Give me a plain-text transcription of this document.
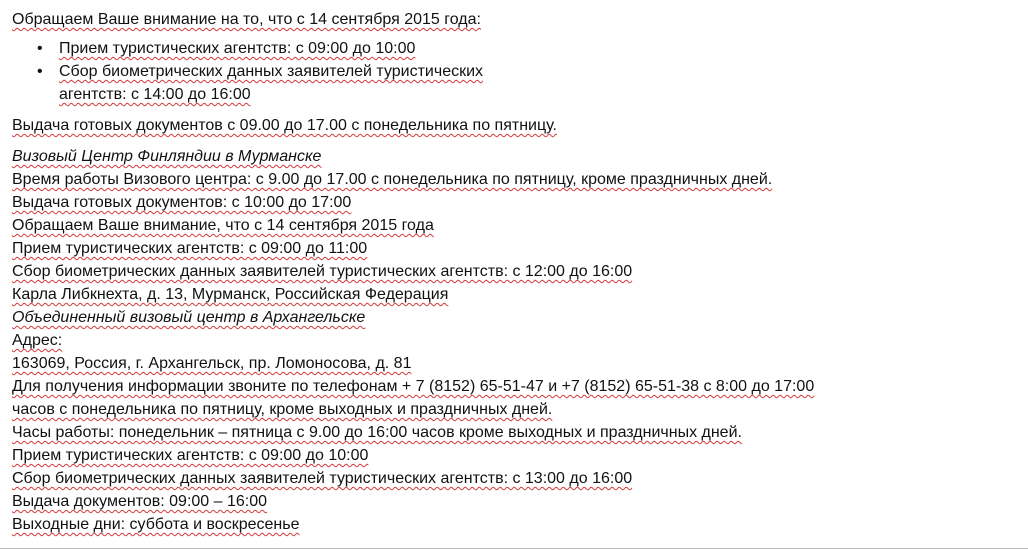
Обращаем Ваше внимание на то, что с 14 сентября 2015 года:
• Прием туристических агентств: с 09:00 до 10:00
• Сбор биометрических данных заявителей туристических
агентств: с 14:00 до 16:00
Выдача готовых документов с 09.00 до 17.00 с понедельника по пятницу.
Визовый Центр Финляндии в Мурманске
Время работы Визового центра: с 9.00 до 17.00 с понедельника по пятницу, кроме праздничных дней.
Выдача готовых документов: с 10:00 до 17:00
Обращаем Ваше внимание, что с 14 сентября 2015 года
Прием туристических агентств: с 09:00 до 11:00
Сбор биометрических данных заявителей туристических агентств: с 12:00 до 16:00
Карла Либкнехта, д. 13, Мурманск, Российская Федерация
Объединенный визовый центр в Архангельске
Адрес:
163069, Россия, г. Архангельск, пр. Ломоносова, д. 81
Для получения информации звоните по телефонам + 7 (8152) 65-51-47 и +7 (8152) 65-51-38 с 8:00 до 17:00
часов с понедельника по пятницу, кроме выходных и праздничных дней.
Часы работы: понедельник – пятница с 9.00 до 16:00 часов кроме выходных и праздничных дней.
Прием туристических агентств: с 09:00 до 10:00
Сбор биометрических данных заявителей туристических агентств: с 13:00 до 16:00
Выдача документов: 09:00 – 16:00
Выходные дни: суббота и воскресенье
